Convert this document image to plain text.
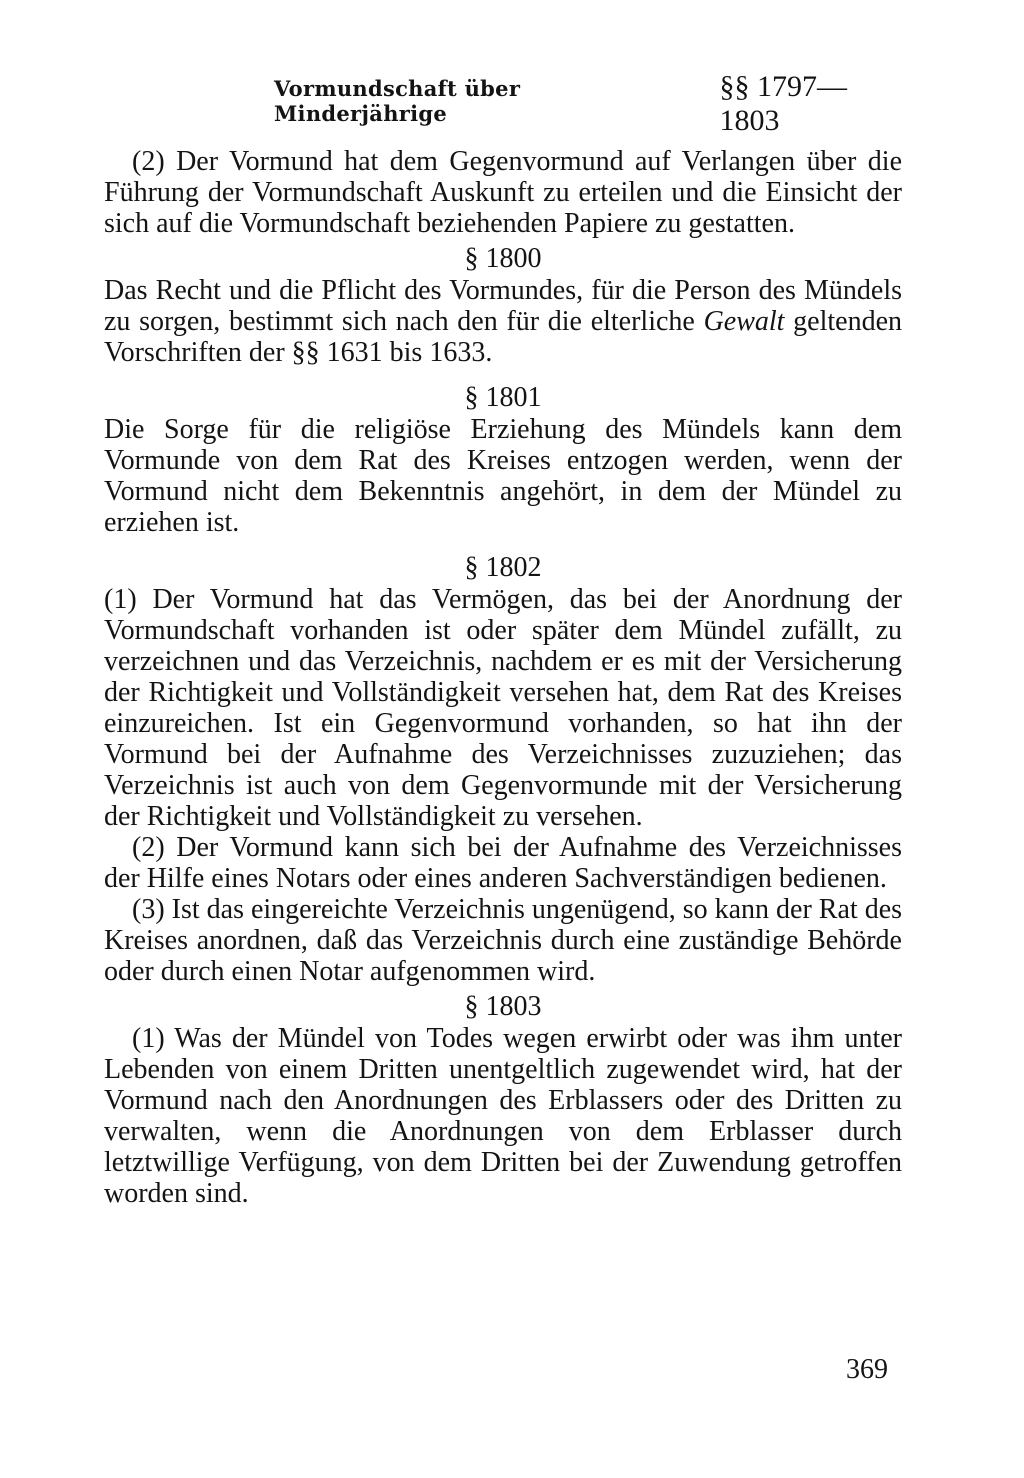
Vormundschaft über Minderjährige
§§ 1797—1803

(2) Der Vormund hat dem Gegenvormund auf Verlangen über die Führung der Vormundschaft Auskunft zu erteilen und die Einsicht der sich auf die Vormundschaft beziehenden Papiere zu gestatten.

§ 1800

Das Recht und die Pflicht des Vormundes, für die Person des Mündels zu sorgen, bestimmt sich nach den für die elterliche Gewalt geltenden Vorschriften der §§ 1631 bis 1633.

§ 1801

Die Sorge für die religiöse Erziehung des Mündels kann dem Vormunde von dem Rat des Kreises entzogen werden, wenn der Vormund nicht dem Bekenntnis angehört, in dem der Mündel zu erziehen ist.

§ 1802

(1) Der Vormund hat das Vermögen, das bei der Anordnung der Vormundschaft vorhanden ist oder später dem Mündel zufällt, zu verzeichnen und das Verzeichnis, nachdem er es mit der Versicherung der Richtigkeit und Vollständigkeit versehen hat, dem Rat des Kreises einzureichen. Ist ein Gegenvormund vorhanden, so hat ihn der Vormund bei der Aufnahme des Verzeichnisses zuzuziehen; das Verzeichnis ist auch von dem Gegenvormunde mit der Versicherung der Richtigkeit und Vollständigkeit zu versehen.

(2) Der Vormund kann sich bei der Aufnahme des Verzeichnisses der Hilfe eines Notars oder eines anderen Sachverständigen bedienen.

(3) Ist das eingereichte Verzeichnis ungenügend, so kann der Rat des Kreises anordnen, daß das Verzeichnis durch eine zuständige Behörde oder durch einen Notar aufgenommen wird.

§ 1803

(1) Was der Mündel von Todes wegen erwirbt oder was ihm unter Lebenden von einem Dritten unentgeltlich zugewendet wird, hat der Vormund nach den Anordnungen des Erblassers oder des Dritten zu verwalten, wenn die Anordnungen von dem Erblasser durch letztwillige Verfügung, von dem Dritten bei der Zuwendung getroffen worden sind.

369
